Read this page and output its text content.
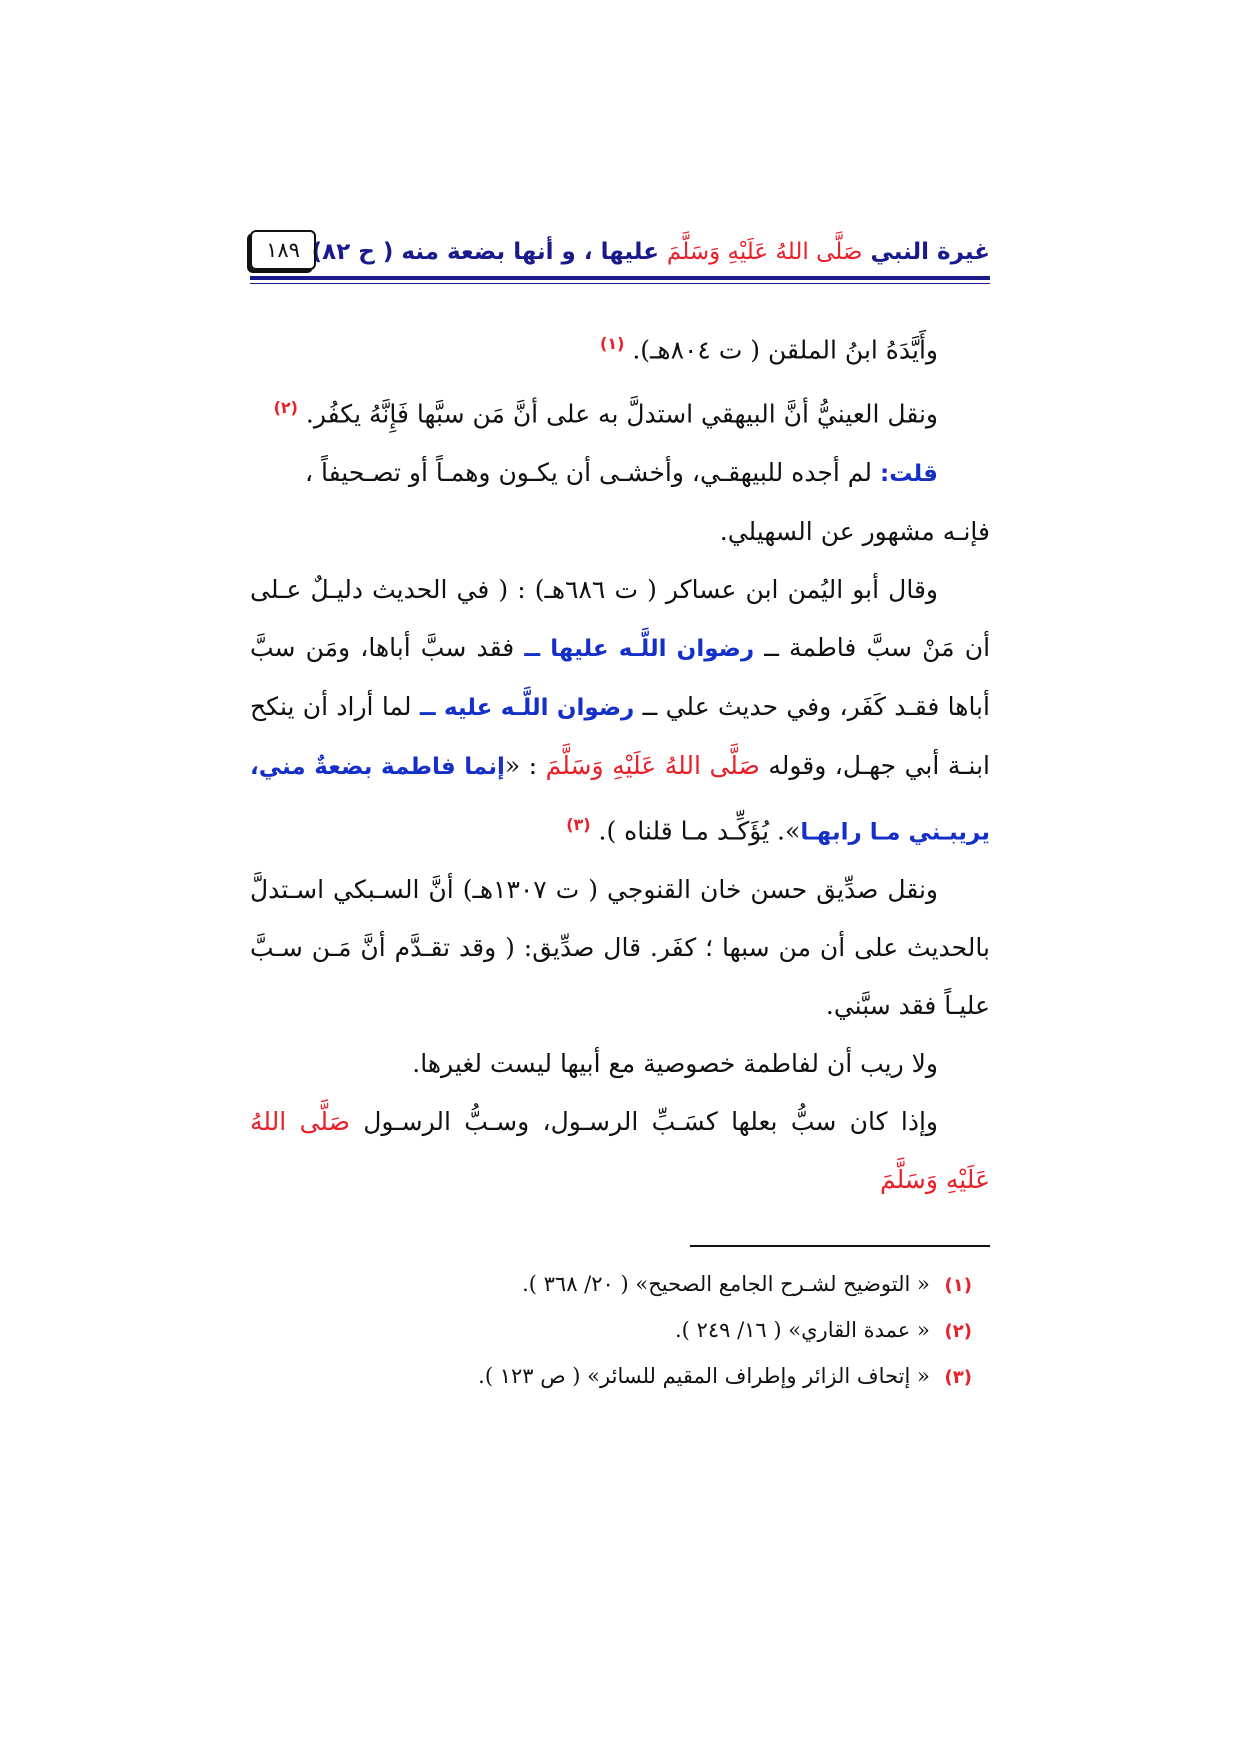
غيرة النبي صَلَّى اللهُ عَلَيْهِ وَسَلَّمَ عليها ، و أنها بضعة منه ( ح ٨٢)
١٨٩

وأَيَّدَهُ ابنُ الملقن ( ت ٨٠٤هـ). $^{(١)}$

ونقل العينيُّ أنَّ البيهقي استدلَّ به على أنَّ مَن سبَّها فَإِنَّهُ يكفُر. $^{(٢)}$

قلت: لم أجده للبيهقـي، وأخشـى أن يكـون وهمـاً أو تصـحيفاً ، فإنـه مشهور عن السهيلي.

وقال أبو اليُمن ابن عساكر ( ت ٦٨٦هـ) : ( في الحديث دليـلٌ عـلى أن مَنْ سبَّ فاطمة ــ رضوان اللَّـه عليها ــ فقد سبَّ أباها، ومَن سبَّ أباها فقـد كَفَر، وفي حديث علي ــ رضوان اللَّـه عليه ــ لما أراد أن ينكح ابنـة أبي جهـل، وقوله صَلَّى اللهُ عَلَيْهِ وَسَلَّمَ : «إنما فاطمة بضعةٌ مني، يريبـني مـا رابهـا». يُؤَكِّـد مـا قلناه ). $^{(٣)}$

ونقل صدِّيق حسن خان القنوجي ( ت ١٣٠٧هـ) أنَّ السـبكي اسـتدلَّ بالحديث على أن من سبها ؛ كفَر. قال صدِّيق: ( وقد تقـدَّم أنَّ مَـن سـبَّ عليـاً فقد سبَّني.

ولا ريب أن لفاطمة خصوصية مع أبيها ليست لغيرها.

وإذا كان سبُّ بعلها كسَـبِّ الرسـول، وسـبُّ الرسـول صَلَّى اللهُ عَلَيْهِ وَسَلَّمَ

(١) « التوضيح لشـرح الجامع الصحيح» ( ٢٠/ ٣٦٨ ).

(٢) « عمدة القاري» ( ١٦/ ٢٤٩ ).

(٣) « إتحاف الزائر وإطراف المقيم للسائر» ( ص ١٢٣ ).
